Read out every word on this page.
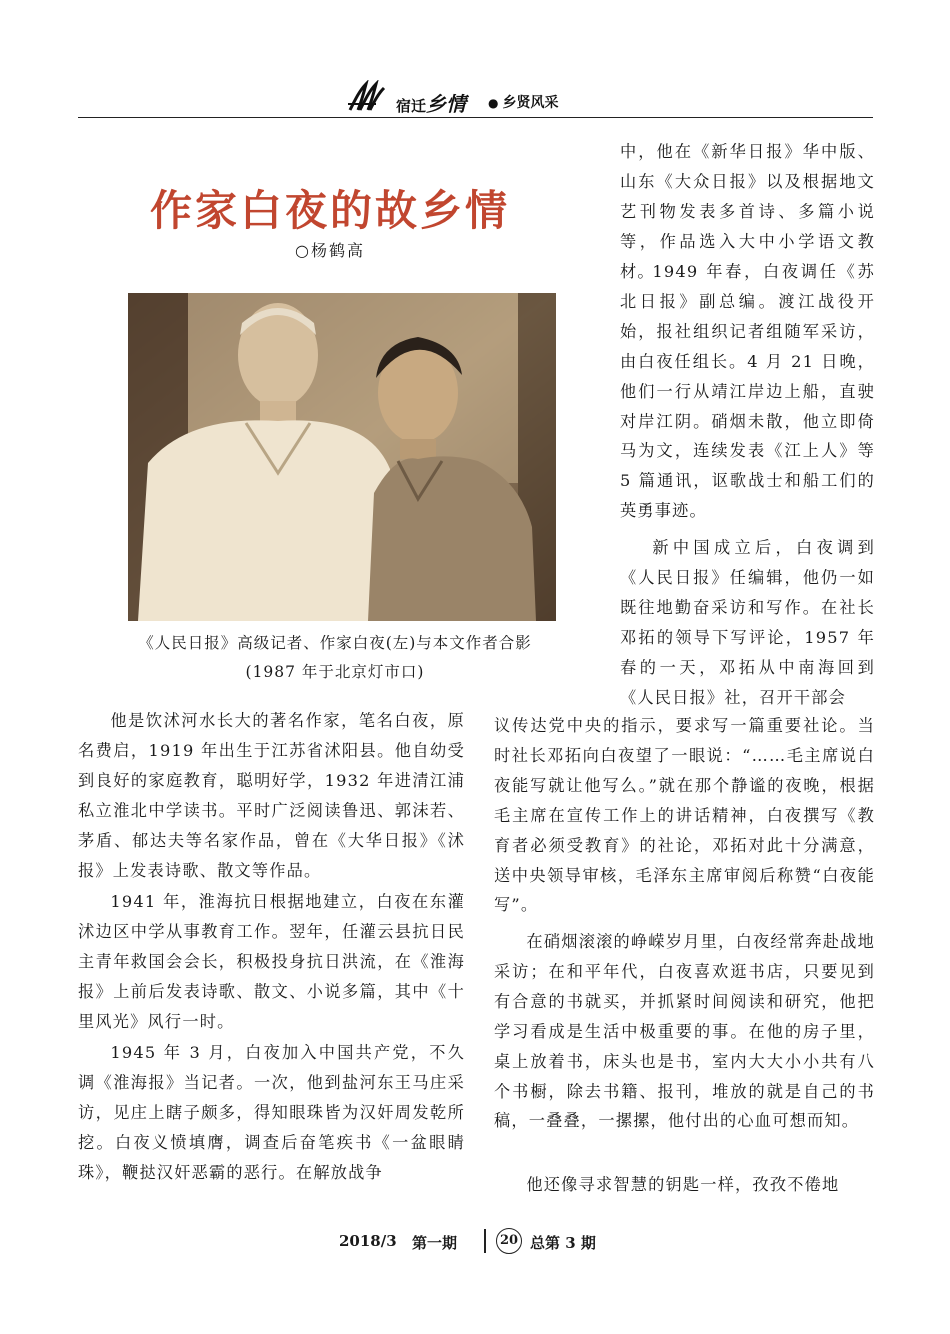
宿迁乡情	● 乡贤风采
作家白夜的故乡情
○杨鹤高
《人民日报》高级记者、作家白夜(左)与本文作者合影
(1987 年于北京灯市口)

中，他在《新华日报》华中版、山东《大众日报》以及根据地文艺刊物发表多首诗、多篇小说等，作品选入大中小学语文教材。

1949 年春，白夜调任《苏北日报》副总编。渡江战役开始，报社组织记者组随军采访，由白夜任组长。4 月 21 日晚，他们一行从靖江岸边上船，直驶对岸江阴。硝烟未散，他立即倚马为文，连续发表《江上人》等 5 篇通讯，讴歌战士和船工们的英勇事迹。

新中国成立后，白夜调到《人民日报》任编辑，他仍一如既往地勤奋采访和写作。在社长邓拓的领导下写评论，1957 年春的一天，邓拓从中南海回到《人民日报》社，召开干部会

议传达党中央的指示，要求写一篇重要社论。当时社长邓拓向白夜望了一眼说：“……毛主席说白夜能写就让他写么。”就在那个静谧的夜晚，根据毛主席在宣传工作上的讲话精神，白夜撰写《教育者必须受教育》的社论，邓拓对此十分满意，送中央领导审核，毛泽东主席审阅后称赞“白夜能写”。

在硝烟滚滚的峥嵘岁月里，白夜经常奔赴战地采访；在和平年代，白夜喜欢逛书店，只要见到有合意的书就买，并抓紧时间阅读和研究，他把学习看成是生活中极重要的事。在他的房子里，桌上放着书，床头也是书，室内大大小小共有八个书橱，除去书籍、报刊，堆放的就是自己的书稿，一叠叠，一摞摞，他付出的心血可想而知。

他还像寻求智慧的钥匙一样，孜孜不倦地

他是饮沭河水长大的著名作家，笔名白夜，原名费启，1919 年出生于江苏省沭阳县。他自幼受到良好的家庭教育，聪明好学，1932 年进清江浦私立淮北中学读书。平时广泛阅读鲁迅、郭沫若、茅盾、郁达夫等名家作品，曾在《大华日报》《沭报》上发表诗歌、散文等作品。

1941 年，淮海抗日根据地建立，白夜在东灌沭边区中学从事教育工作。翌年，任灌云县抗日民主青年救国会会长，积极投身抗日洪流，在《淮海报》上前后发表诗歌、散文、小说多篇，其中《十里风光》风行一时。

1945 年 3 月，白夜加入中国共产党，不久调《淮海报》当记者。一次，他到盐河东王马庄采访，见庄上瞎子颇多，得知眼珠皆为汉奸周发乾所挖。白夜义愤填膺，调查后奋笔疾书《一盆眼睛珠》，鞭挞汉奸恶霸的恶行。在解放战争

2018/3 第一期	20 总第 3 期
